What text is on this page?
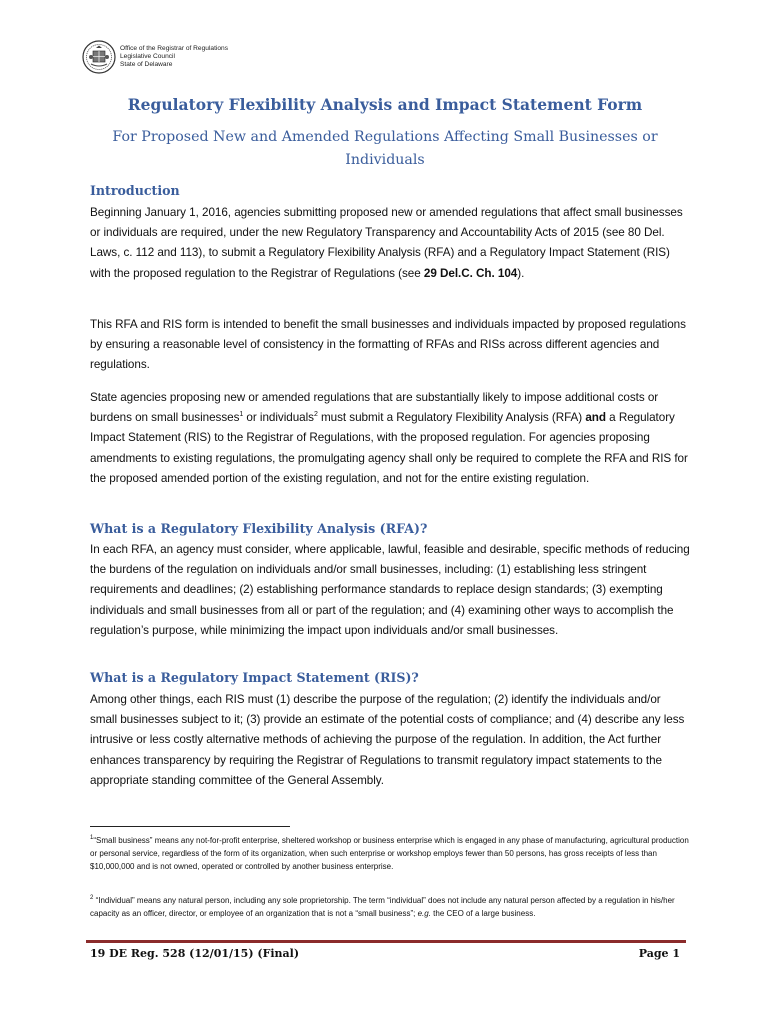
Office of the Registrar of Regulations
Legislative Council
State of Delaware
Regulatory Flexibility Analysis and Impact Statement Form
For Proposed New and Amended Regulations Affecting Small Businesses or Individuals
Introduction
Beginning January 1, 2016, agencies submitting proposed new or amended regulations that affect small businesses or individuals are required, under the new Regulatory Transparency and Accountability Acts of 2015 (see 80 Del. Laws, c. 112 and 113), to submit a Regulatory Flexibility Analysis (RFA) and a Regulatory Impact Statement (RIS) with the proposed regulation to the Registrar of Regulations (see 29 Del.C. Ch. 104).
This RFA and RIS form is intended to benefit the small businesses and individuals impacted by proposed regulations by ensuring a reasonable level of consistency in the formatting of RFAs and RISs across different agencies and regulations.
State agencies proposing new or amended regulations that are substantially likely to impose additional costs or burdens on small businesses$^1$ or individuals$^2$ must submit a Regulatory Flexibility Analysis (RFA) and a Regulatory Impact Statement (RIS) to the Registrar of Regulations, with the proposed regulation. For agencies proposing amendments to existing regulations, the promulgating agency shall only be required to complete the RFA and RIS for the proposed amended portion of the existing regulation, and not for the entire existing regulation.
What is a Regulatory Flexibility Analysis (RFA)?
In each RFA, an agency must consider, where applicable, lawful, feasible and desirable, specific methods of reducing the burdens of the regulation on individuals and/or small businesses, including: (1) establishing less stringent requirements and deadlines; (2) establishing performance standards to replace design standards; (3) exempting individuals and small businesses from all or part of the regulation; and (4) examining other ways to accomplish the regulation’s purpose, while minimizing the impact upon individuals and/or small businesses.
What is a Regulatory Impact Statement (RIS)?
Among other things, each RIS must (1) describe the purpose of the regulation; (2) identify the individuals and/or small businesses subject to it; (3) provide an estimate of the potential costs of compliance; and (4) describe any less intrusive or less costly alternative methods of achieving the purpose of the regulation. In addition, the Act further enhances transparency by requiring the Registrar of Regulations to transmit regulatory impact statements to the appropriate standing committee of the General Assembly.
$^1$“Small business” means any not-for-profit enterprise, sheltered workshop or business enterprise which is engaged in any phase of manufacturing, agricultural production or personal service, regardless of the form of its organization, when such enterprise or workshop employs fewer than 50 persons, has gross receipts of less than $10,000,000 and is not owned, operated or controlled by another business enterprise.
$^2$ “Individual” means any natural person, including any sole proprietorship. The term “individual” does not include any natural person affected by a regulation in his/her capacity as an officer, director, or employee of an organization that is not a “small business”; e.g. the CEO of a large business.
19 DE Reg. 528 (12/01/15) (Final)	Page 1
